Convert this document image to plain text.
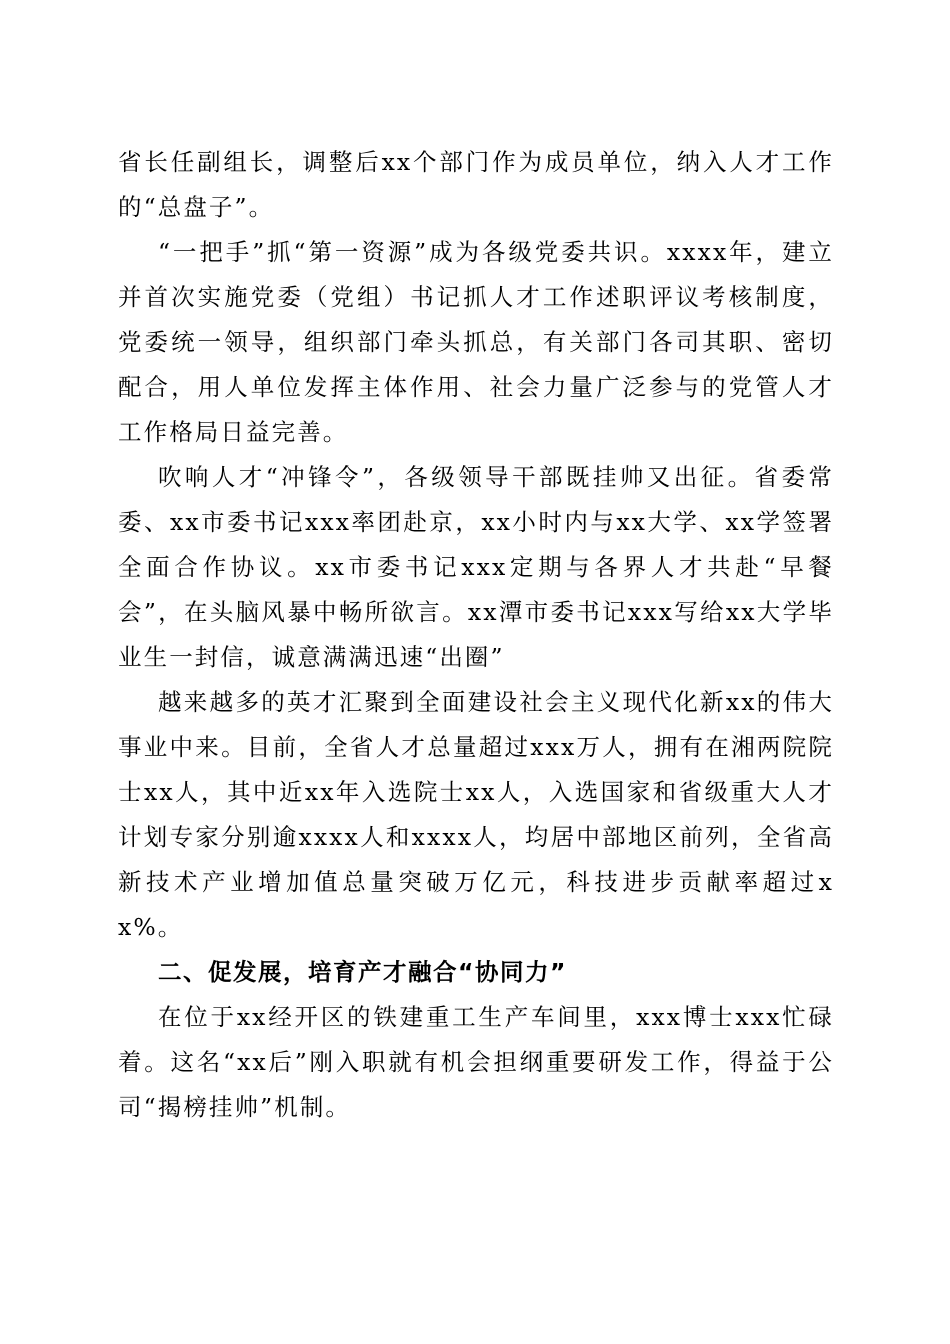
省长任副组长，调整后xx个部门作为成员单位，纳入人才工作的“总盘子”。

“一把手”抓“第一资源”成为各级党委共识。xxxx年，建立并首次实施党委（党组）书记抓人才工作述职评议考核制度，党委统一领导，组织部门牵头抓总，有关部门各司其职、密切配合，用人单位发挥主体作用、社会力量广泛参与的党管人才工作格局日益完善。

吹响人才“冲锋令”，各级领导干部既挂帅又出征。省委常委、xx市委书记xxx率团赴京，xx小时内与xx大学、xx学签署全面合作协议。xx市委书记xxx定期与各界人才共赴“早餐会”，在头脑风暴中畅所欲言。xx潭市委书记xxx写给xx大学毕业生一封信，诚意满满迅速“出圈”

越来越多的英才汇聚到全面建设社会主义现代化新xx的伟大事业中来。目前，全省人才总量超过xxx万人，拥有在湘两院院士xx人，其中近xx年入选院士xx人，入选国家和省级重大人才计划专家分别逾xxxx人和xxxx人，均居中部地区前列，全省高新技术产业增加值总量突破万亿元，科技进步贡献率超过xx%。

二、促发展，培育产才融合“协同力”

在位于xx经开区的铁建重工生产车间里，xxx博士xxx忙碌着。这名“xx后”刚入职就有机会担纲重要研发工作，得益于公司“揭榜挂帅”机制。
